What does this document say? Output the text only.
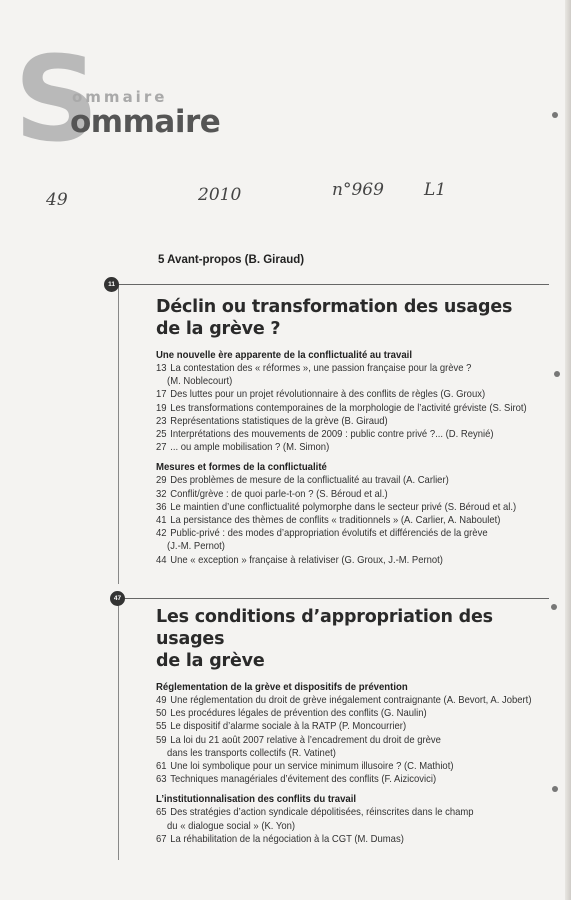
S
ommaire
ommaire
49	2010	n°969 L1
5 Avant-propos (B. Giraud)
11
Déclin ou transformation des usages
de la grève ?
Une nouvelle ère apparente de la conflictualité au travail
13 La contestation des « réformes », une passion française pour la grève ?
(M. Noblecourt)
17 Des luttes pour un projet révolutionnaire à des conflits de règles (G. Groux)
19 Les transformations contemporaines de la morphologie de l’activité gréviste (S. Sirot)
23 Représentations statistiques de la grève (B. Giraud)
25 Interprétations des mouvements de 2009 : public contre privé ?... (D. Reynié)
27 ... ou ample mobilisation ? (M. Simon)
Mesures et formes de la conflictualité
29 Des problèmes de mesure de la conflictualité au travail (A. Carlier)
32 Conflit/grève : de quoi parle-t-on ? (S. Béroud et al.)
36 Le maintien d’une conflictualité polymorphe dans le secteur privé (S. Béroud et al.)
41 La persistance des thèmes de conflits « traditionnels » (A. Carlier, A. Naboulet)
42 Public-privé : des modes d’appropriation évolutifs et différenciés de la grève
(J.-M. Pernot)
44 Une « exception » française à relativiser (G. Groux, J.-M. Pernot)
47
Les conditions d’appropriation des usages
de la grève
Réglementation de la grève et dispositifs de prévention
49 Une réglementation du droit de grève inégalement contraignante (A. Bevort, A. Jobert)
50 Les procédures légales de prévention des conflits (G. Naulin)
55 Le dispositif d’alarme sociale à la RATP (P. Moncourrier)
59 La loi du 21 août 2007 relative à l’encadrement du droit de grève
dans les transports collectifs (R. Vatinet)
61 Une loi symbolique pour un service minimum illusoire ? (C. Mathiot)
63 Techniques managériales d’évitement des conflits (F. Aizicovici)
L’institutionnalisation des conflits du travail
65 Des stratégies d’action syndicale dépolitisées, réinscrites dans le champ
du « dialogue social » (K. Yon)
67 La réhabilitation de la négociation à la CGT (M. Dumas)
